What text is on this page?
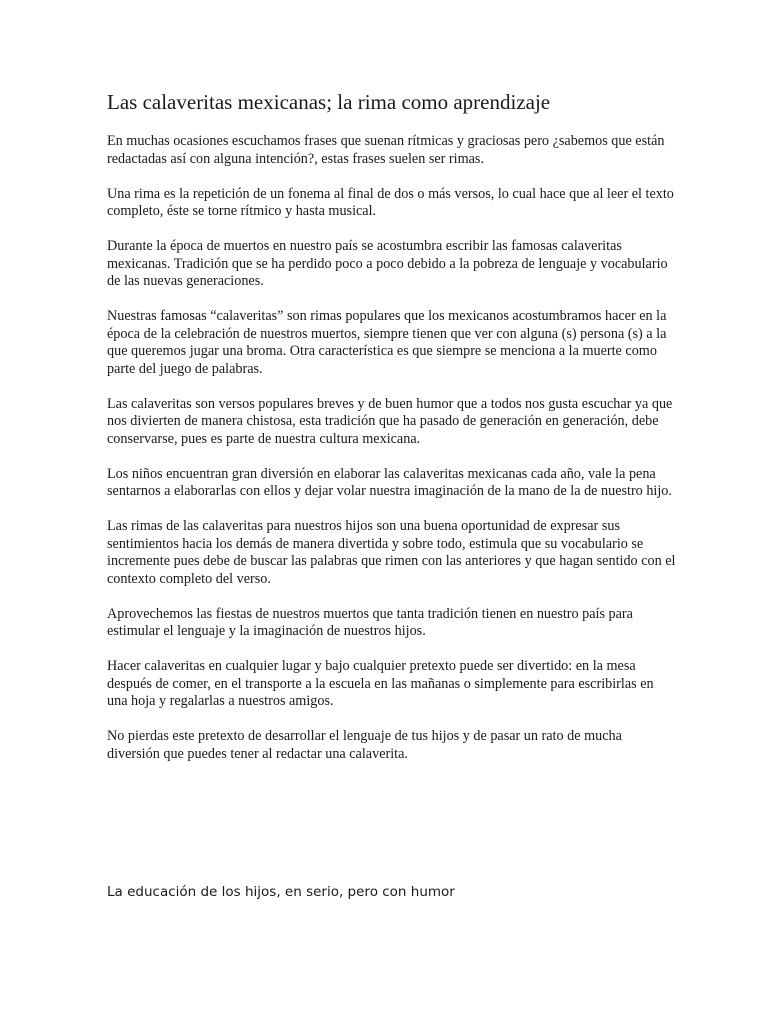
Las calaveritas mexicanas; la rima como aprendizaje

En muchas ocasiones escuchamos frases que suenan rítmicas y graciosas pero ¿sabemos que están redactadas así con alguna intención?, estas frases suelen ser rimas.

Una rima es la repetición de un fonema al final de dos o más versos, lo cual hace que al leer el texto completo, éste se torne rítmico y hasta musical.

Durante la época de muertos en nuestro país se acostumbra escribir las famosas calaveritas mexicanas. Tradición que se ha perdido poco a poco debido a la pobreza de lenguaje y vocabulario de las nuevas generaciones.

Nuestras famosas “calaveritas” son rimas populares que los mexicanos acostumbramos hacer en la época de la celebración de nuestros muertos, siempre tienen que ver con alguna (s) persona (s) a la que queremos jugar una broma. Otra característica es que siempre se menciona a la muerte como parte del juego de palabras.

Las calaveritas son versos populares breves y de buen humor que a todos nos gusta escuchar ya que nos divierten de manera chistosa, esta tradición que ha pasado de generación en generación, debe conservarse, pues es parte de nuestra cultura mexicana.

Los niños encuentran gran diversión en elaborar las calaveritas mexicanas cada año, vale la pena sentarnos a elaborarlas con ellos y dejar volar nuestra imaginación de la mano de la de nuestro hijo.

Las rimas de las calaveritas para nuestros hijos son una buena oportunidad de expresar sus sentimientos hacia los demás de manera divertida y sobre todo, estimula que su vocabulario se incremente pues debe de buscar las palabras que rimen con las anteriores y que hagan sentido con el contexto completo del verso.

Aprovechemos las fiestas de nuestros muertos que tanta tradición tienen en nuestro país para estimular el lenguaje y la imaginación de nuestros hijos.

Hacer calaveritas en cualquier lugar y bajo cualquier pretexto puede ser divertido: en la mesa después de comer, en el transporte a la escuela en las mañanas o simplemente para escribirlas en una hoja y regalarlas a nuestros amigos.

No pierdas este pretexto de desarrollar el lenguaje de tus hijos y de pasar un rato de mucha diversión que puedes tener al redactar una calaverita.

La educación de los hijos, en serio, pero con humor
